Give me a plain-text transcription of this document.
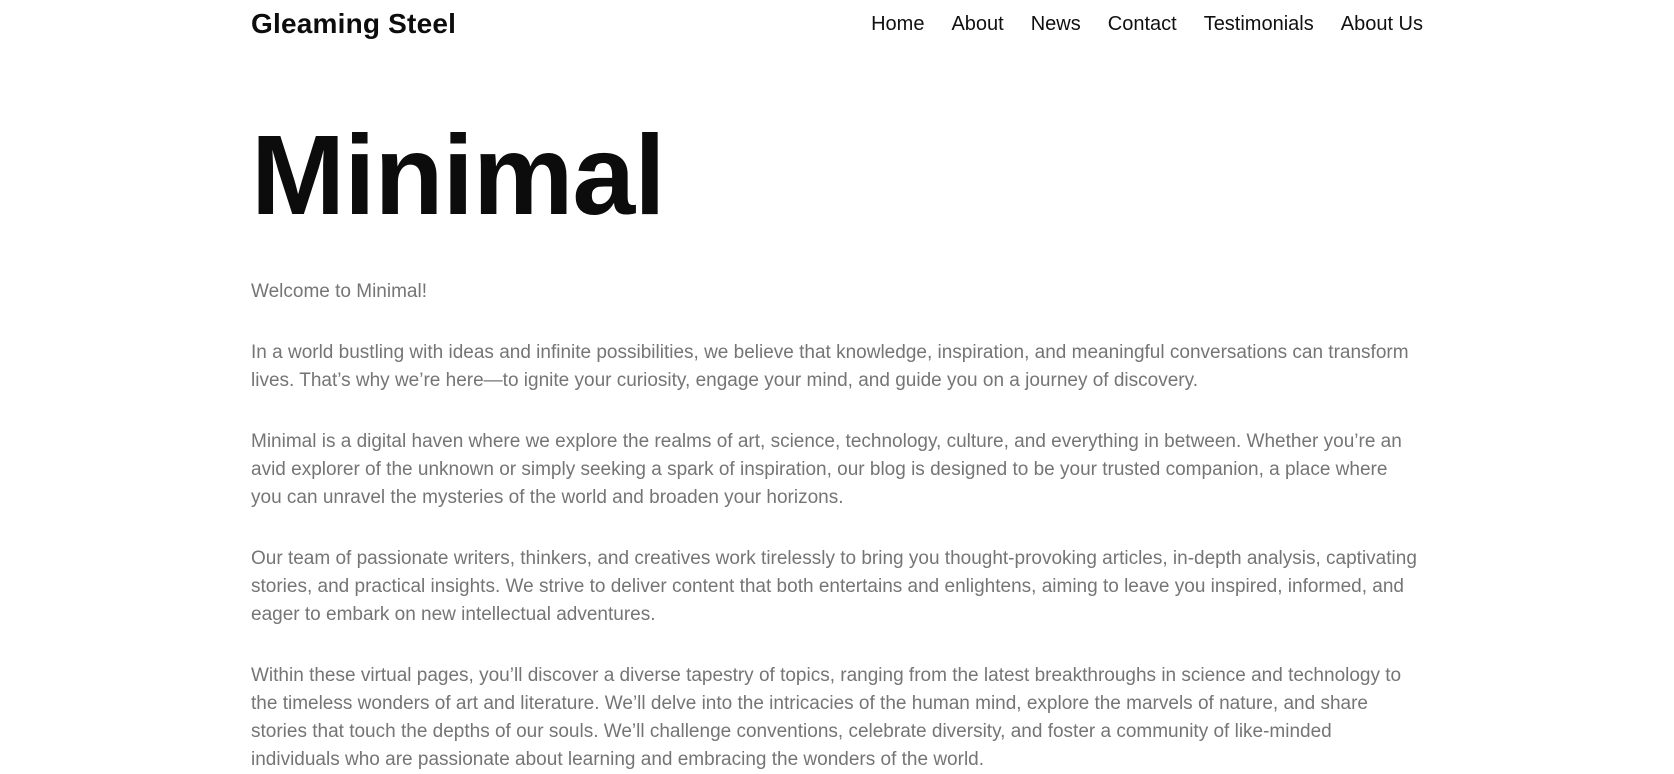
Gleaming Steel	Home About News Contact Testimonials About Us
Minimal

Welcome to Minimal!

In a world bustling with ideas and infinite possibilities, we believe that knowledge, inspiration, and meaningful conversations can transform lives. That’s why we’re here—to ignite your curiosity, engage your mind, and guide you on a journey of discovery.

Minimal is a digital haven where we explore the realms of art, science, technology, culture, and everything in between. Whether you’re an avid explorer of the unknown or simply seeking a spark of inspiration, our blog is designed to be your trusted companion, a place where you can unravel the mysteries of the world and broaden your horizons.

Our team of passionate writers, thinkers, and creatives work tirelessly to bring you thought-provoking articles, in-depth analysis, captivating stories, and practical insights. We strive to deliver content that both entertains and enlightens, aiming to leave you inspired, informed, and eager to embark on new intellectual adventures.

Within these virtual pages, you’ll discover a diverse tapestry of topics, ranging from the latest breakthroughs in science and technology to the timeless wonders of art and literature. We’ll delve into the intricacies of the human mind, explore the marvels of nature, and share stories that touch the depths of our souls. We’ll challenge conventions, celebrate diversity, and foster a community of like-minded individuals who are passionate about learning and embracing the wonders of the world.
